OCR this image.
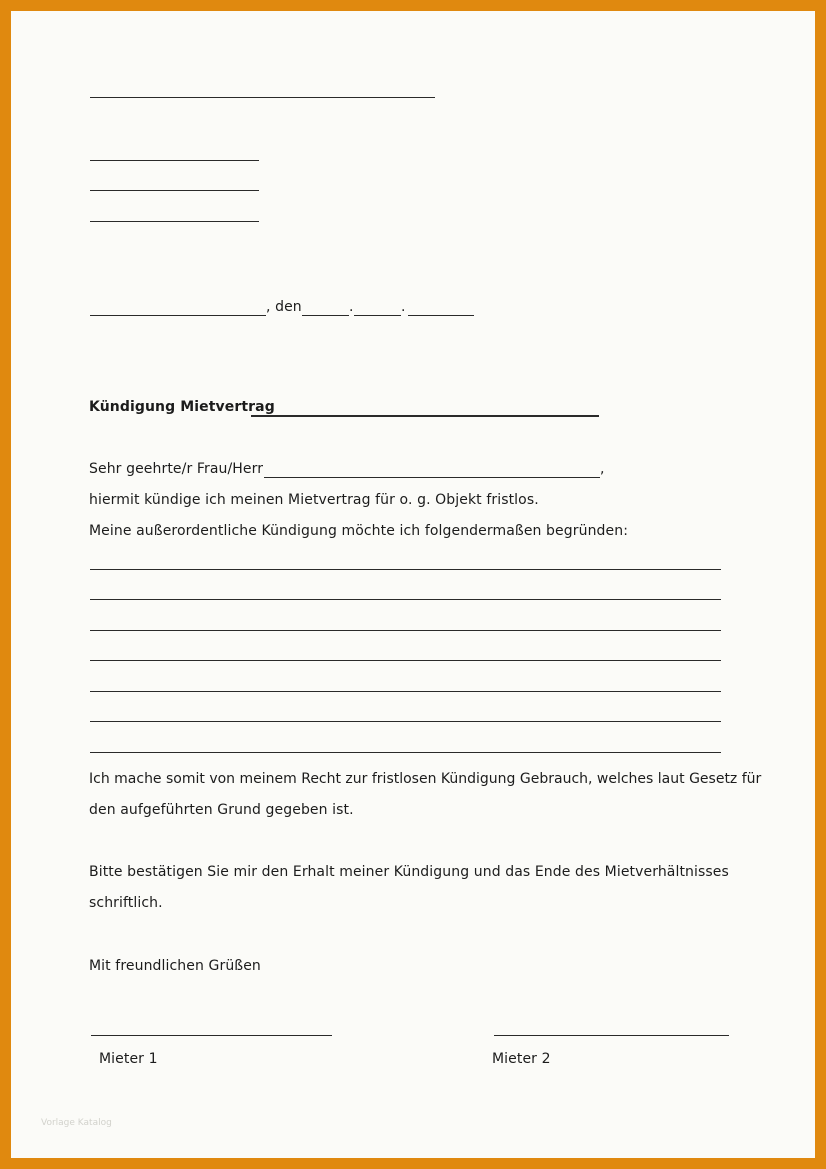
, den	.	.
Kündigung Mietvertrag
Sehr geehrte/r Frau/Herr	,
hiermit kündige ich meinen Mietvertrag für o. g. Objekt fristlos.
Meine außerordentliche Kündigung möchte ich folgendermaßen begründen:
Ich mache somit von meinem Recht zur fristlosen Kündigung Gebrauch, welches laut Gesetz für
den aufgeführten Grund gegeben ist.
Bitte bestätigen Sie mir den Erhalt meiner Kündigung und das Ende des Mietverhältnisses
schriftlich.
Mit freundlichen Grüßen
Mieter 1	Mieter 2
Vorlage Katalog
